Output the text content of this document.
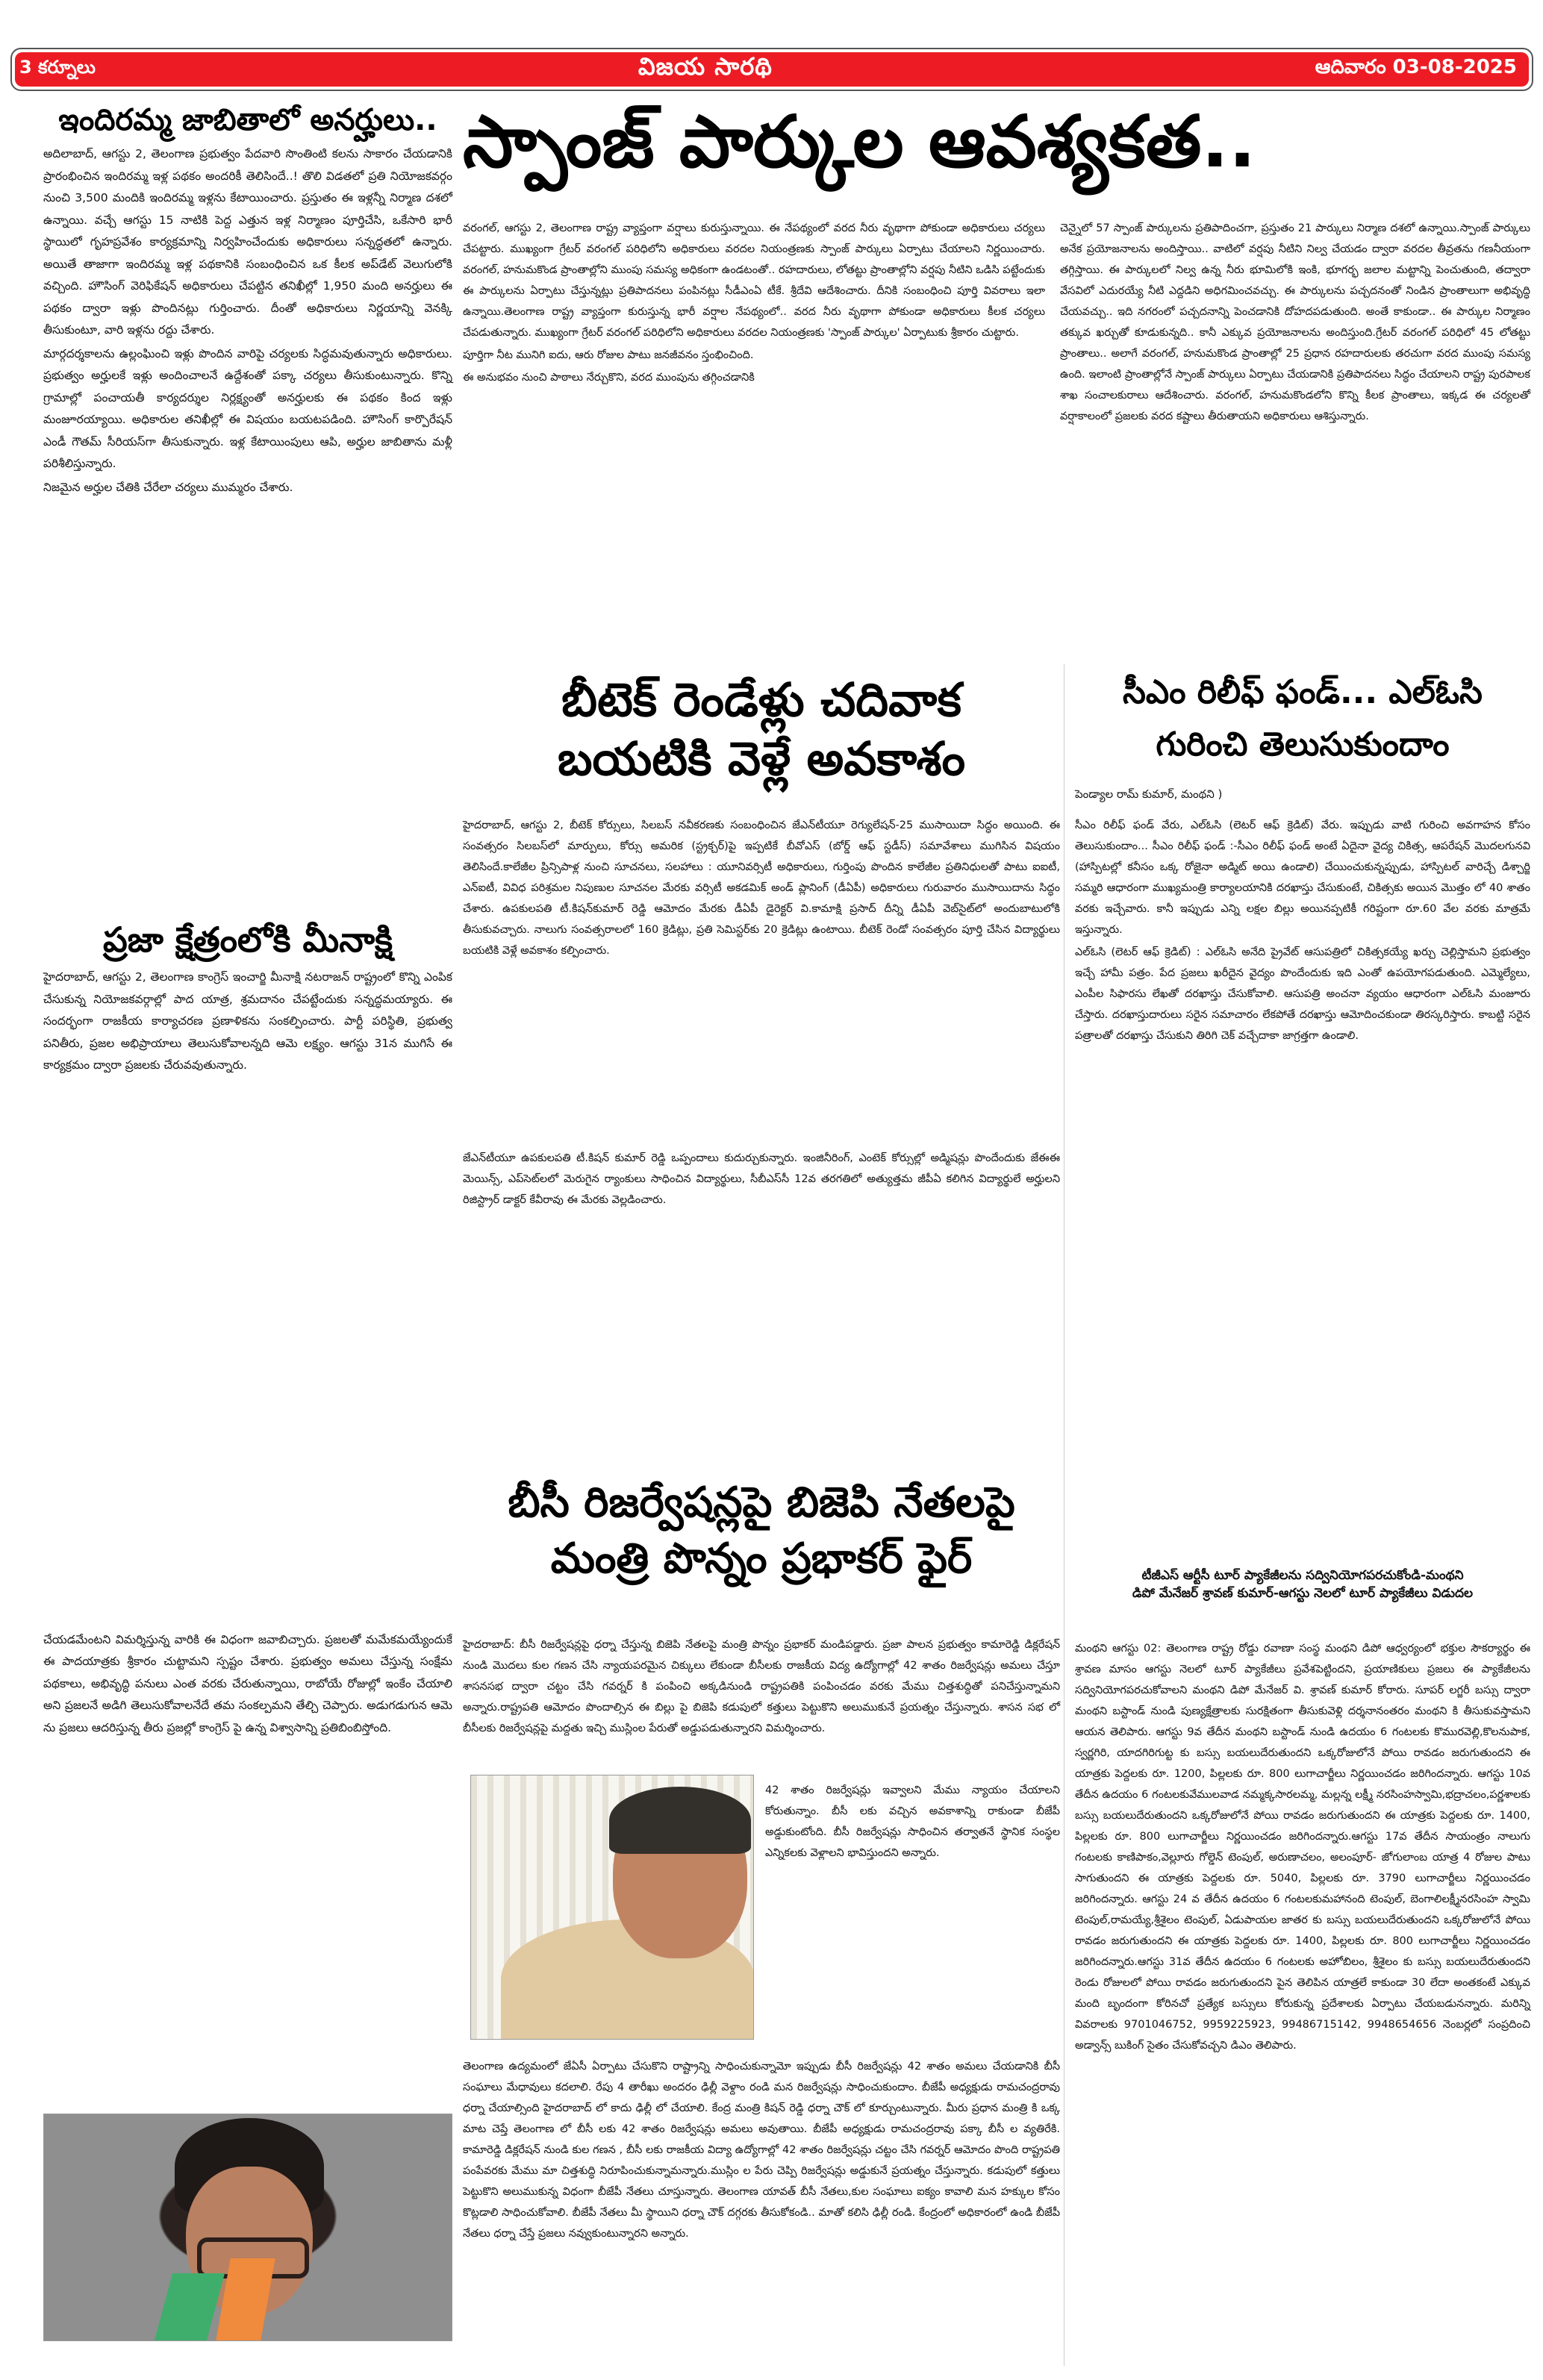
3 కర్నూలు	విజయ సారథి	ఆదివారం 03-08-2025
ఇందిరమ్మ జాబితాలో అనర్హులు..

అదిలాబాద్, ఆగస్టు 2, తెలంగాణ ప్రభుత్వం పేదవారి సొంతింటి కలను సాకారం చేయడానికి ప్రారంభించిన ఇందిరమ్మ ఇళ్ల పథకం అందరికీ తెలిసిందే..! తొలి విడతలో ప్రతి నియోజకవర్గం నుంచి 3,500 మందికి ఇందిరమ్మ ఇళ్లను కేటాయించారు. ప్రస్తుతం ఈ ఇళ్లన్నీ నిర్మాణ దశలో ఉన్నాయి. వచ్చే ఆగస్టు 15 నాటికి పెద్ద ఎత్తున ఇళ్ల నిర్మాణం పూర్తిచేసి, ఒకేసారి భారీ స్థాయిలో గృహప్రవేశం కార్యక్రమాన్ని నిర్వహించేందుకు అధికారులు సన్నద్ధతలో ఉన్నారు. అయితే తాజాగా ఇందిరమ్మ ఇళ్ల పథకానికి సంబంధించిన ఒక కీలక అప్‌డేట్ వెలుగులోకి వచ్చింది. హౌసింగ్ వెరిఫికేషన్ అధికారులు చేపట్టిన తనిఖీల్లో 1,950 మంది అనర్హులు ఈ పథకం ద్వారా ఇళ్లు పొందినట్లు గుర్తించారు. దీంతో అధికారులు నిర్ణయాన్ని వెనక్కి తీసుకుంటూ, వారి ఇళ్లను రద్దు చేశారు.

మార్గదర్శకాలను ఉల్లంఘించి ఇళ్లు పొందిన వారిపై చర్యలకు సిద్ధమవుతున్నారు అధికారులు. ప్రభుత్వం అర్హులకే ఇళ్లు అందించాలనే ఉద్దేశంతో పక్కా చర్యలు తీసుకుంటున్నారు. కొన్ని గ్రామాల్లో పంచాయతీ కార్యదర్శుల నిర్లక్ష్యంతో అనర్హులకు ఈ పథకం కింద ఇళ్లు మంజూరయ్యాయి. అధికారుల తనిఖీల్లో ఈ విషయం బయటపడింది. హౌసింగ్ కార్పొరేషన్ ఎండీ గౌతమ్ సీరియస్‌గా తీసుకున్నారు. ఇళ్ల కేటాయింపులు ఆపి, అర్హుల జాబితాను మళ్లీ పరిశీలిస్తున్నారు.

నిజమైన అర్హుల చేతికి చేరేలా చర్యలు ముమ్మరం చేశారు.

ప్రజా క్షేత్రంలోకి మీనాక్షి

హైదరాబాద్, ఆగస్టు 2, తెలంగాణ కాంగ్రెస్ ఇంచార్జి మీనాక్షి నటరాజన్ రాష్ట్రంలో కొన్ని ఎంపిక చేసుకున్న నియోజకవర్గాల్లో పాద యాత్ర, శ్రమదానం చేపట్టేందుకు సన్నద్ధమయ్యారు. ఈ సందర్భంగా రాజకీయ కార్యాచరణ ప్రణాళికను సంకల్పించారు. పార్టీ పరిస్థితి, ప్రభుత్వ పనితీరు, ప్రజల అభిప్రాయాలు తెలుసుకోవాలన్నది ఆమె లక్ష్యం. ఆగస్టు 31న ముగిసే ఈ కార్యక్రమం ద్వారా ప్రజలకు చేరువవుతున్నారు.

చేయడమేంటని విమర్శిస్తున్న వారికి ఈ విధంగా జవాబిచ్చారు. ప్రజలతో మమేకమయ్యేందుకే ఈ పాదయాత్రకు శ్రీకారం చుట్టామని స్పష్టం చేశారు. ప్రభుత్వం అమలు చేస్తున్న సంక్షేమ పథకాలు, అభివృద్ధి పనులు ఎంత వరకు చేరుతున్నాయి, రాబోయే రోజుల్లో ఇంకేం చేయాలి అని ప్రజలనే అడిగి తెలుసుకోవాలనేదే తమ సంకల్పమని తేల్చి చెప్పారు. అడుగడుగున ఆమె ను ప్రజలు ఆదరిస్తున్న తీరు ప్రజల్లో కాంగ్రెస్ పై ఉన్న విశ్వాసాన్ని ప్రతిబింబిస్తోంది.

స్పాంజ్ పార్కుల ఆవశ్యకత..

వరంగల్, ఆగస్టు 2, తెలంగాణ రాష్ట్ర వ్యాప్తంగా వర్షాలు కురుస్తున్నాయి. ఈ నేపథ్యంలో వరద నీరు వృథాగా పోకుండా అధికారులు చర్యలు చేపట్టారు. ముఖ్యంగా గ్రేటర్ వరంగల్ పరిధిలోని అధికారులు వరదల నియంత్రణకు స్పాంజ్ పార్కులు ఏర్పాటు చేయాలని నిర్ణయించారు. వరంగల్, హనుమకొండ ప్రాంతాల్లోని ముంపు సమస్య అధికంగా ఉండటంతో.. రహదారులు, లోతట్టు ప్రాంతాల్లోని వర్షపు నీటిని ఒడిసి పట్టేందుకు ఈ పార్కులను ఏర్పాటు చేస్తున్నట్లు ప్రతిపాదనలు పంపినట్లు సీడీఎంఏ టీకే. శ్రీదేవి ఆదేశించారు. దీనికి సంబంధించి పూర్తి వివరాలు ఇలా ఉన్నాయి.తెలంగాణ రాష్ట్ర వ్యాప్తంగా కురుస్తున్న భారీ వర్షాల నేపథ్యంలో.. వరద నీరు వృథాగా పోకుండా అధికారులు కీలక చర్యలు చేపడుతున్నారు. ముఖ్యంగా గ్రేటర్ వరంగల్ పరిధిలోని అధికారులు వరదల నియంత్రణకు 'స్పాంజ్ పార్కుల' ఏర్పాటుకు శ్రీకారం చుట్టారు.

పూర్తిగా నీట మునిగి ఐదు, ఆరు రోజుల పాటు జనజీవనం స్తంభించింది.

ఈ అనుభవం నుంచి పాఠాలు నేర్చుకొని, వరద ముంపును తగ్గించడానికి

చెన్నైలో 57 స్పాంజ్ పార్కులను ప్రతిపాదించగా, ప్రస్తుతం 21 పార్కులు నిర్మాణ దశలో ఉన్నాయి.స్పాంజ్ పార్కులు అనేక ప్రయోజనాలను అందిస్తాయి.. వాటిలో వర్షపు నీటిని నిల్వ చేయడం ద్వారా వరదల తీవ్రతను గణనీయంగా తగ్గిస్తాయి. ఈ పార్కులలో నిల్వ ఉన్న నీరు భూమిలోకి ఇంకి, భూగర్భ జలాల మట్టాన్ని పెంచుతుంది, తద్వారా వేసవిలో ఎదురయ్యే నీటి ఎద్దడిని అధిగమించవచ్చు. ఈ పార్కులను పచ్చదనంతో నిండిన ప్రాంతాలుగా అభివృద్ధి చేయవచ్చు.. ఇది నగరంలో పచ్చదనాన్ని పెంచడానికి దోహదపడుతుంది. అంతే కాకుండా.. ఈ పార్కుల నిర్మాణం తక్కువ ఖర్చుతో కూడుకున్నది.. కానీ ఎక్కువ ప్రయోజనాలను అందిస్తుంది.గ్రేటర్ వరంగల్ పరిధిలో 45 లోతట్టు ప్రాంతాలు.. అలాగే వరంగల్, హనుమకొండ ప్రాంతాల్లో 25 ప్రధాన రహదారులకు తరచుగా వరద ముంపు సమస్య ఉంది. ఇలాంటి ప్రాంతాల్లోనే స్పాంజ్ పార్కులు ఏర్పాటు చేయడానికి ప్రతిపాదనలు సిద్ధం చేయాలని రాష్ట్ర పురపాలక శాఖ సంచాలకురాలు ఆదేశించారు. వరంగల్, హనుమకొండలోని కొన్ని కీలక ప్రాంతాలు, ఇక్కడ ఈ చర్యలతో వర్షాకాలంలో ప్రజలకు వరద కష్టాలు తీరుతాయని అధికారులు ఆశిస్తున్నారు.

బీటెక్ రెండేళ్లు చదివాక
బయటికి వెళ్లే అవకాశం

హైదరాబాద్, ఆగస్టు 2, బీటెక్ కోర్సులు, సిలబస్ నవీకరణకు సంబంధించిన జేఎన్‌టీయూ రెగ్యులేషన్-25 ముసాయిదా సిద్ధం అయింది. ఈ సంవత్సరం సిలబస్‌లో మార్పులు, కోర్సు అమరిక (స్ట్రక్చర్)పై ఇప్పటికే బీవోఎస్ (బోర్డ్ ఆఫ్ స్టడీస్) సమావేశాలు ముగిసిన విషయం తెలిసిందే.కాలేజీల ప్రిన్సిపాళ్ల నుంచి సూచనలు, సలహాలు : యూనివర్సిటీ అధికారులు, గుర్తింపు పొందిన కాలేజీల ప్రతినిధులతో పాటు ఐఐటీ, ఎన్ఐటీ, వివిధ పరిశ్రమల నిపుణుల సూచనల మేరకు వర్సిటీ అకడమిక్ అండ్ ప్లానింగ్ (డీఏపీ) అధికారులు గురువారం ముసాయిదాను సిద్ధం చేశారు. ఉపకులపతి టీ.కిషన్‌కుమార్ రెడ్డి ఆమోదం మేరకు డీఏపీ డైరెక్టర్ వి.కామాక్షి ప్రసాద్ దీన్ని డీఏపీ వెబ్‌సైట్‌లో అందుబాటులోకి తీసుకువచ్చారు. నాలుగు సంవత్సరాలలో 160 క్రెడిట్లు, ప్రతి సెమిస్టర్‌కు 20 క్రెడిట్లు ఉంటాయి. బీటెక్ రెండో సంవత్సరం పూర్తి చేసిన విద్యార్థులు బయటికి వెళ్లే అవకాశం కల్పించారు.

జేఎన్‌టీయూ ఉపకులపతి టీ.కిషన్ కుమార్ రెడ్డి ఒప్పందాలు కుదుర్చుకున్నారు. ఇంజినీరింగ్, ఎంటెక్ కోర్సుల్లో అడ్మిషన్లు పొందేందుకు జేఈఈ మెయిన్స్, ఎప్‌సెట్‌లలో మెరుగైన ర్యాంకులు సాధించిన విద్యార్థులు, సీబీఎస్‌సీ 12వ తరగతిలో అత్యుత్తమ జీపీఏ కలిగిన విద్యార్థులే అర్హులని రిజిస్ట్రార్ డాక్టర్ కేవీరావు ఈ మేరకు వెల్లడించారు.

సీఎం రిలీఫ్ ఫండ్... ఎల్‌ఓసి
గురించి తెలుసుకుందాం
పెండ్యాల రామ్ కుమార్, మంథని )

సీఎం రిలీఫ్ ఫండ్ వేరు, ఎల్‌ఓసి (లెటర్ ఆఫ్ క్రెడిట్) వేరు. ఇప్పుడు వాటి గురించి అవగాహన కోసం తెలుసుకుందాం... సీఎం రిలీఫ్ ఫండ్ :-సీఎం రిలీఫ్ ఫండ్ అంటే ఏదైనా వైద్య చికిత్స, ఆపరేషన్ మొదలగునవి (హాస్పిటల్లో కనీసం ఒక్క రోజైనా అడ్మిట్ అయి ఉండాలి) చేయించుకున్నప్పుడు, హాస్పిటల్ వారిచ్చే డిశ్చార్జి సమ్మరి ఆధారంగా ముఖ్యమంత్రి కార్యాలయానికి దరఖాస్తు చేసుకుంటే, చికిత్సకు అయిన మొత్తం లో 40 శాతం వరకు ఇచ్చేవారు. కానీ ఇప్పుడు ఎన్ని లక్షల బిల్లు అయినప్పటికీ గరిష్టంగా రూ.60 వేల వరకు మాత్రమే ఇస్తున్నారు.

ఎల్‌ఓసి (లెటర్ ఆఫ్ క్రెడిట్) : ఎల్‌ఓసి అనేది ప్రైవేట్ ఆసుపత్రిలో చికిత్సకయ్యే ఖర్చు చెల్లిస్తామని ప్రభుత్వం ఇచ్చే హామీ పత్రం. పేద ప్రజలు ఖరీదైన వైద్యం పొందేందుకు ఇది ఎంతో ఉపయోగపడుతుంది. ఎమ్మెల్యేలు, ఎంపీల సిఫారసు లేఖతో దరఖాస్తు చేసుకోవాలి. ఆసుపత్రి అంచనా వ్యయం ఆధారంగా ఎల్‌ఓసి మంజూరు చేస్తారు. దరఖాస్తుదారులు సరైన సమాచారం లేకపోతే దరఖాస్తు ఆమోదించకుండా తిరస్కరిస్తారు. కాబట్టి సరైన పత్రాలతో దరఖాస్తు చేసుకుని తిరిగి చెక్ వచ్చేదాకా జాగ్రత్తగా ఉండాలి.

బీసీ రిజర్వేషన్లపై బిజెపి నేతలపై
మంత్రి పొన్నం ప్రభాకర్ ఫైర్

హైదరాబాద్: బీసీ రిజర్వేషన్లపై ధర్నా చేస్తున్న బిజెపి నేతలపై మంత్రి పొన్నం ప్రభాకర్ మండిపడ్డారు. ప్రజా పాలన ప్రభుత్వం కామారెడ్డి డిక్లరేషన్ నుండి మొదలు కుల గణన చేసి న్యాయపరమైన చిక్కులు లేకుండా బీసీలకు రాజకీయ విద్య ఉద్యోగాల్లో 42 శాతం రిజర్వేషన్లు అమలు చేస్తూ శాసనసభ ద్వారా చట్టం చేసి గవర్నర్ కి పంపించి అక్కడినుండి రాష్ట్రపతికి పంపించడం వరకు మేము చిత్తశుద్ధితో పనిచేస్తున్నామని అన్నారు.రాష్ట్రపతి ఆమోదం పొందాల్సిన ఈ బిల్లు పై బిజెపి కడుపులో కత్తులు పెట్టుకొని అలుముకునే ప్రయత్నం చేస్తున్నారు. శాసన సభ లో బీసీలకు రిజర్వేషన్లపై మద్దతు ఇచ్చి ముస్లింల పేరుతో అడ్డుపడుతున్నారని విమర్శించారు.

42 శాతం రిజర్వేషన్లు ఇవ్వాలని మేము న్యాయం చేయాలని కోరుతున్నాం. బీసీ లకు వచ్చిన అవకాశాన్ని రాకుండా బీజేపీ అడ్డుకుంటోంది. బీసీ రిజర్వేషన్లు సాధించిన తర్వాతనే స్థానిక సంస్థల ఎన్నికలకు వెళ్లాలని భావిస్తుందని అన్నారు.

తెలంగాణ ఉద్యమంలో జేఏసీ ఏర్పాటు చేసుకొని రాష్ట్రాన్ని సాధించుకున్నామో ఇప్పుడు బీసీ రిజర్వేషన్లు 42 శాతం అమలు చేయడానికి బీసీ సంఘాలు మేధావులు కదలాలి. రేపు 4 తారీఖు అందరం ఢిల్లీ వెళ్దాం రండి మన రిజర్వేషన్లు సాధించుకుందాం. బీజేపీ అధ్యక్షుడు రామచంద్రరావు ధర్నా చేయాల్సింది హైదరాబాద్ లో కాదు ఢిల్లీ లో చేయాలి. కేంద్ర మంత్రి కిషన్ రెడ్డి ధర్నా చౌక్ లో కూర్చుంటున్నారు. మీరు ప్రధాన మంత్రి కి ఒక్క మాట చెప్తే తెలంగాణ లో బీసీ లకు 42 శాతం రిజర్వేషన్లు అమలు అవుతాయి. బీజేపీ అధ్యక్షుడు రామచంద్రరావు పక్కా బీసీ ల వ్యతిరేకి. కామారెడ్డి డిక్లరేషన్ నుండి కుల గణన , బీసీ లకు రాజకీయ విద్యా ఉద్యోగాల్లో 42 శాతం రిజర్వేషన్లు చట్టం చేసి గవర్నర్ ఆమోదం పొంది రాష్ట్రపతి పంపేవరకు మేము మా చిత్తశుద్ధి నిరూపించుకున్నామన్నారు.ముస్లిం ల పేరు చెప్పి రిజర్వేషన్లు అడ్డుకునే ప్రయత్నం చేస్తున్నారు. కడుపులో కత్తులు పెట్టుకొని అలుముకున్న విధంగా బీజేపీ నేతలు చూస్తున్నారు. తెలంగాణ యావత్ బీసీ నేతలు,కుల సంఘాలు ఐక్యం కావాలి మన హక్కుల కోసం కొట్లడాలి సాధించుకోవాలి. బీజేపీ నేతలు మీ స్థాయిని ధర్నా చౌక్ దగ్గరకు తీసుకోకండి.. మాతో కలిసి ఢిల్లీ రండి. కేంద్రంలో అధికారంలో ఉండి బీజేపీ నేతలు ధర్నా చేస్తే ప్రజలు నవ్వుకుంటున్నారని అన్నారు.

టీజీఎస్ ఆర్టీసీ టూర్ ప్యాకేజీలను సద్వినియోగపరచుకోండి-మంథని
డిపో మేనేజర్ శ్రావణ్ కుమార్-ఆగస్టు నెలలో టూర్ ప్యాకేజీలు విడుదల

మంథని ఆగస్టు 02: తెలంగాణ రాష్ట్ర రోడ్డు రవాణా సంస్థ మంథని డిపో ఆధ్వర్యంలో భక్తుల సౌకర్యార్థం ఈ శ్రావణ మాసం ఆగస్టు నెలలో టూర్ ప్యాకేజీలు ప్రవేశపెట్టిందని, ప్రయాణికులు ప్రజలు ఈ ప్యాకేజీలను సద్వినియోగపరచుకోవాలని మంథని డిపో మేనేజర్ వి. శ్రావణ్ కుమార్ కోరారు. సూపర్ లగ్జరీ బస్సు ద్వారా మంథని బస్టాండ్ నుండి పుణ్యక్షేత్రాలకు సురక్షితంగా తీసుకువెళ్లి దర్శనానంతరం మంథని కి తీసుకువస్తామని ఆయన తెలిపారు. ఆగస్టు 9వ తేదీన మంథని బస్టాండ్ నుండి ఉదయం 6 గంటలకు కొమురవెల్లి,కొలనుపాక, స్వర్ణగిరి, యాదగిరిగుట్ట కు బస్సు బయలుదేరుతుందని ఒక్కరోజులోనే పోయి రావడం జరుగుతుందని ఈ యాత్రకు పెద్దలకు రూ. 1200, పిల్లలకు రూ. 800 లుగాచార్జీలు నిర్ణయించడం జరిగిందన్నారు. ఆగస్టు 10వ తేదీన ఉదయం 6 గంటలకువేములవాడ నమ్మక్కసారలమ్మ, మల్లన్న లక్ష్మీ నరసింహస్వామి,భద్రాచలం,పర్ణశాలకు బస్సు బయలుదేరుతుందని ఒక్కరోజులోనే పోయి రావడం జరుగుతుందని ఈ యాత్రకు పెద్దలకు రూ. 1400, పిల్లలకు రూ. 800 లుగాచార్జీలు నిర్ణయించడం జరిగిందన్నారు.ఆగస్టు 17వ తేదీన సాయంత్రం నాలుగు గంటలకు కాణిపాకం,వెల్లూరు గోల్డెన్ టెంపుల్, అరుణాచలం, అలంపూర్- జోగులాంబ యాత్ర 4 రోజుల పాటు సాగుతుందని ఈ యాత్రకు పెద్దలకు రూ. 5040, పిల్లలకు రూ. 3790 లుగాచార్జీలు నిర్ణయించడం జరిగిందన్నారు. ఆగస్టు 24 వ తేదీన ఉదయం 6 గంటలకుమహానంది టెంపుల్, బెంగాలిలక్ష్మీనరసింహ స్వామి టెంపుల్,రామయ్యే,శ్రీశైలం టెంపుల్, ఏడుపాయల జాతర కు బస్సు బయలుదేరుతుందని ఒక్కరోజులోనే పోయి రావడం జరుగుతుందని ఈ యాత్రకు పెద్దలకు రూ. 1400, పిల్లలకు రూ. 800 లుగాచార్జీలు నిర్ణయించడం జరిగిందన్నారు.ఆగస్టు 31వ తేదీన ఉదయం 6 గంటలకు అహోబిలం, శ్రీశైలం కు బస్సు బయలుదేరుతుందని రెండు రోజులలో పోయి రావడం జరుగుతుందని పైన తెలిపిన యాత్రలే కాకుండా 30 లేదా అంతకంటే ఎక్కువ మంది బృందంగా కోరినచో ప్రత్యేక బస్సులు కోరుకున్న ప్రదేశాలకు ఏర్పాటు చేయబడునన్నారు. మరిన్ని వివరాలకు 9701046752, 9959225923, 99486715142, 9948654656 నెంబర్లలో సంప్రదించి అడ్వాన్స్ బుకింగ్ సైతం చేసుకోవచ్చని డిఎం తెలిపారు.
